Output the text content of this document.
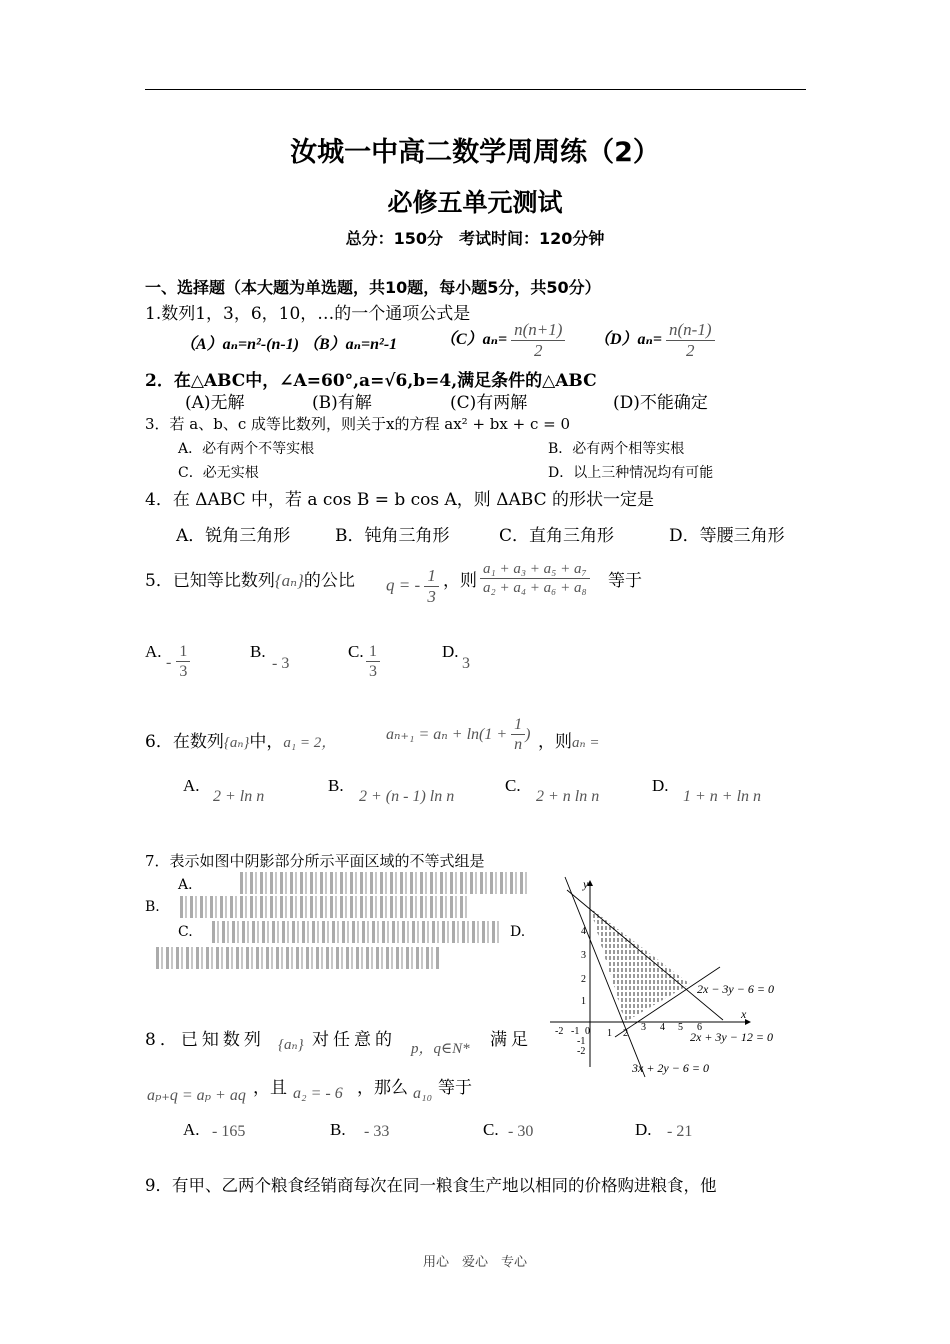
汝城一中高二数学周周练（2）
必修五单元测试
总分：150分　考试时间：120分钟
一、选择题（本大题为单选题，共10题，每小题5分，共50分）
1.数列1，3，6，10，…的一个通项公式是
（A）aₙ=n²-(n-1) （B）aₙ=n²-1	$(C)a_n= \frac{n(n+1)}{2} (D)a_n= \frac{n(n-1)}{2}$
2．在△ABC中，∠A=60°,a=√6,b=4,满足条件的△ABC
(A)无解	(B)有解	(C)有两解	(D)不能确定
3．若 a、b、c 成等比数列，则关于x的方程 ax² + bx + c = 0
A．必有两个不等实根	B．必有两个相等实根
C．必无实根	D．以上三种情况均有可能
4．在 ΔABC 中，若 a cos B = b cos A，则 ΔABC 的形状一定是
A．锐角三角形	B．钝角三角形	C．直角三角形	D．等腰三角形
5．已知等比数列{aₙ}的公比 q = - $\frac{1}{3}$ ，则 $\frac{\text{a₁ + a₃ + a₅ + a₇}}{\text{a₂ + a₄ + a₆ + a₈}}$ 等于
A.
- $\frac{1}{3}$	B.
- 3
C. $\frac{1}{3}$	D.
3
6．在数列{aₙ}中，a₁ = 2，
$a_{n+1} = a_n + \ln(1 + \frac{1}{n}$ ) ，则aₙ =
A.
2 + ln n
B.
2 + (n - 1) ln n
C.
2 + n ln n
D.
1 + n + ln n
7．表示如图中阴影部分所示平面区域的不等式组是
A．
B.
C.	D.
-2 -1 0 1 2
3 4 5 6
4
3
2
1
-1
-2
y
x
2x − 3y − 6 = 0
2x + 3y − 12 = 0
3x + 2y − 6 = 0
8．已知数列 {aₙ} 对任意的 p，q∈N* 满足
aₚ₊q = aₚ + aq ，且 a₂ = - 6 ，那么 a₁₀ 等于
A. - 165	B. - 33	C. - 30	D. - 21
9．有甲、乙两个粮食经销商每次在同一粮食生产地以相同的价格购进粮食，他
用心　爱心　专心
